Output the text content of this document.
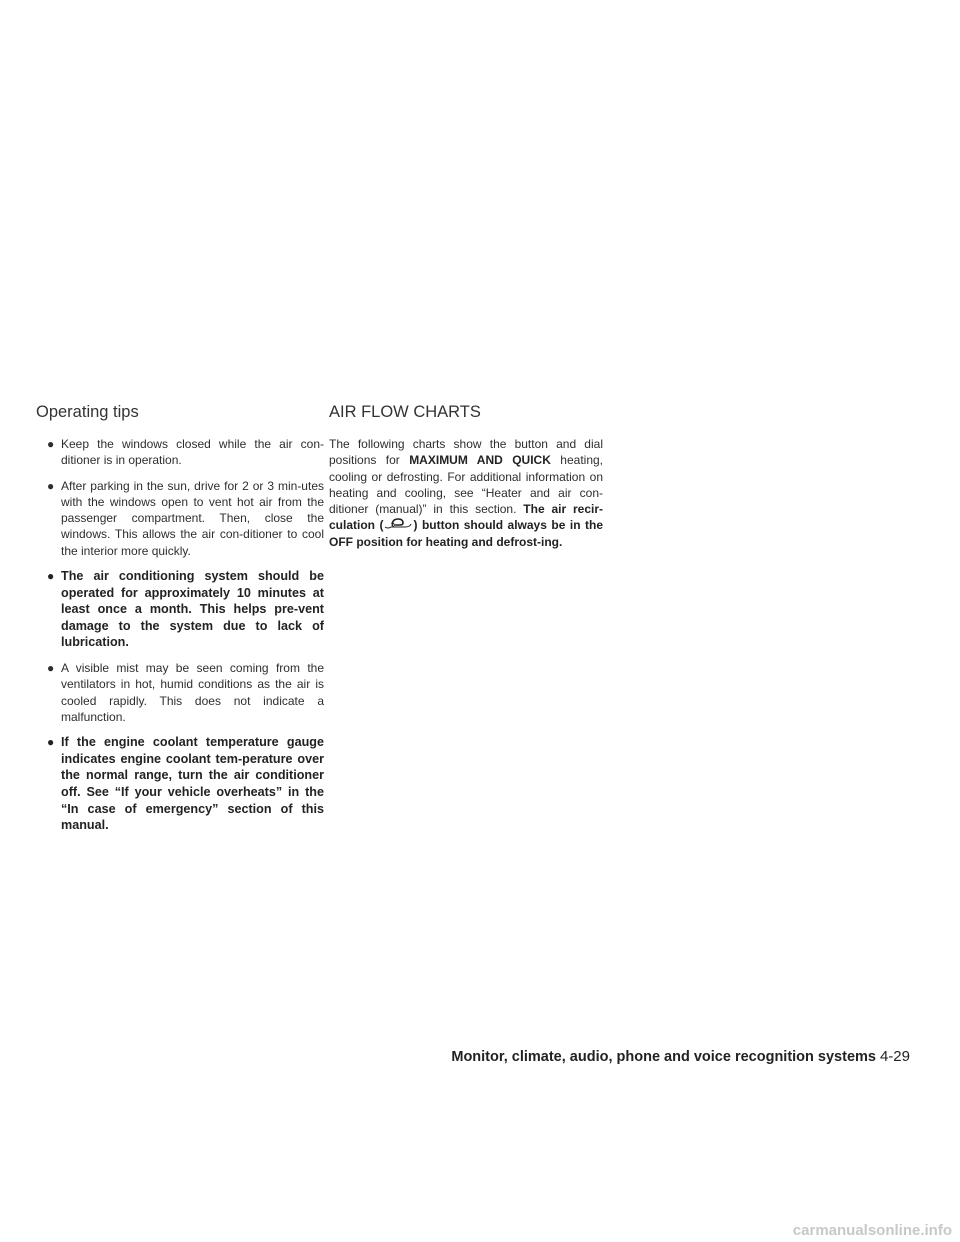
Operating tips
● Keep the windows closed while the air con-ditioner is in operation.
● After parking in the sun, drive for 2 or 3 min-utes with the windows open to vent hot air from the passenger compartment. Then, close the windows. This allows the air con-ditioner to cool the interior more quickly.
● The air conditioning system should be operated for approximately 10 minutes at least once a month. This helps pre-vent damage to the system due to lack of lubrication.
● A visible mist may be seen coming from the ventilators in hot, humid conditions as the air is cooled rapidly. This does not indicate a malfunction.
● If the engine coolant temperature gauge indicates engine coolant tem-perature over the normal range, turn the air conditioner off. See “If your vehicle overheats” in the “In case of emergency” section of this manual.
AIR FLOW CHARTS

The following charts show the button and dial positions for MAXIMUM AND QUICK heating, cooling or defrosting. For additional information on heating and cooling, see “Heater and air con-ditioner (manual)” in this section. The air recir-culation (	) button should always be in the OFF position for heating and defrost-ing.

Monitor, climate, audio, phone and voice recognition systems 4-29
carmanualsonline.info
